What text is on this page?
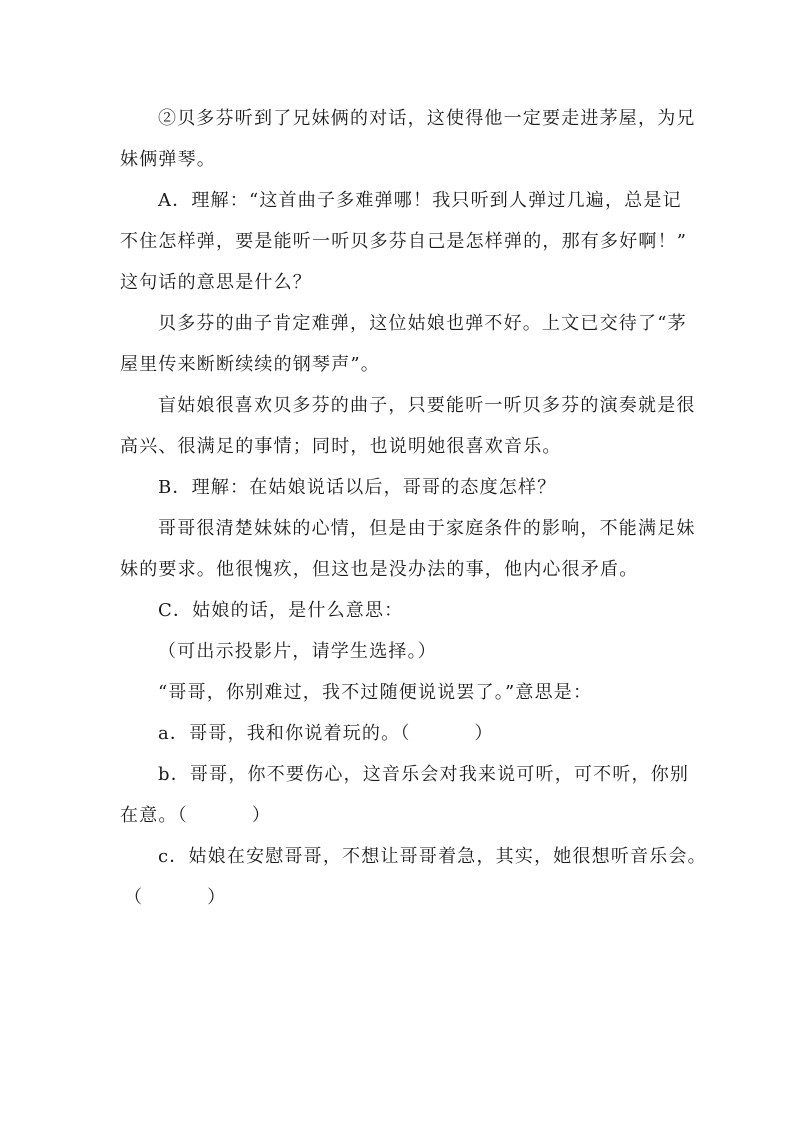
②贝多芬听到了兄妹俩的对话，这使得他一定要走进茅屋，为兄
妹俩弹琴。
A．理解：“这首曲子多难弹哪！我只听到人弹过几遍，总是记
不住怎样弹，要是能听一听贝多芬自己是怎样弹的，那有多好啊！”
这句话的意思是什么？
贝多芬的曲子肯定难弹，这位姑娘也弹不好。上文已交待了“茅
屋里传来断断续续的钢琴声”。
盲姑娘很喜欢贝多芬的曲子，只要能听一听贝多芬的演奏就是很
高兴、很满足的事情；同时，也说明她很喜欢音乐。
B．理解：在姑娘说话以后，哥哥的态度怎样？
哥哥很清楚妹妹的心情，但是由于家庭条件的影响，不能满足妹
妹的要求。他很愧疚，但这也是没办法的事，他内心很矛盾。
C．姑娘的话，是什么意思：
（可出示投影片，请学生选择。）
“哥哥，你别难过，我不过随便说说罢了。”意思是：
a．哥哥，我和你说着玩的。（	）
b．哥哥，你不要伤心，这音乐会对我来说可听，可不听，你别
在意。（	）
c．姑娘在安慰哥哥，不想让哥哥着急，其实，她很想听音乐会。
（	）
